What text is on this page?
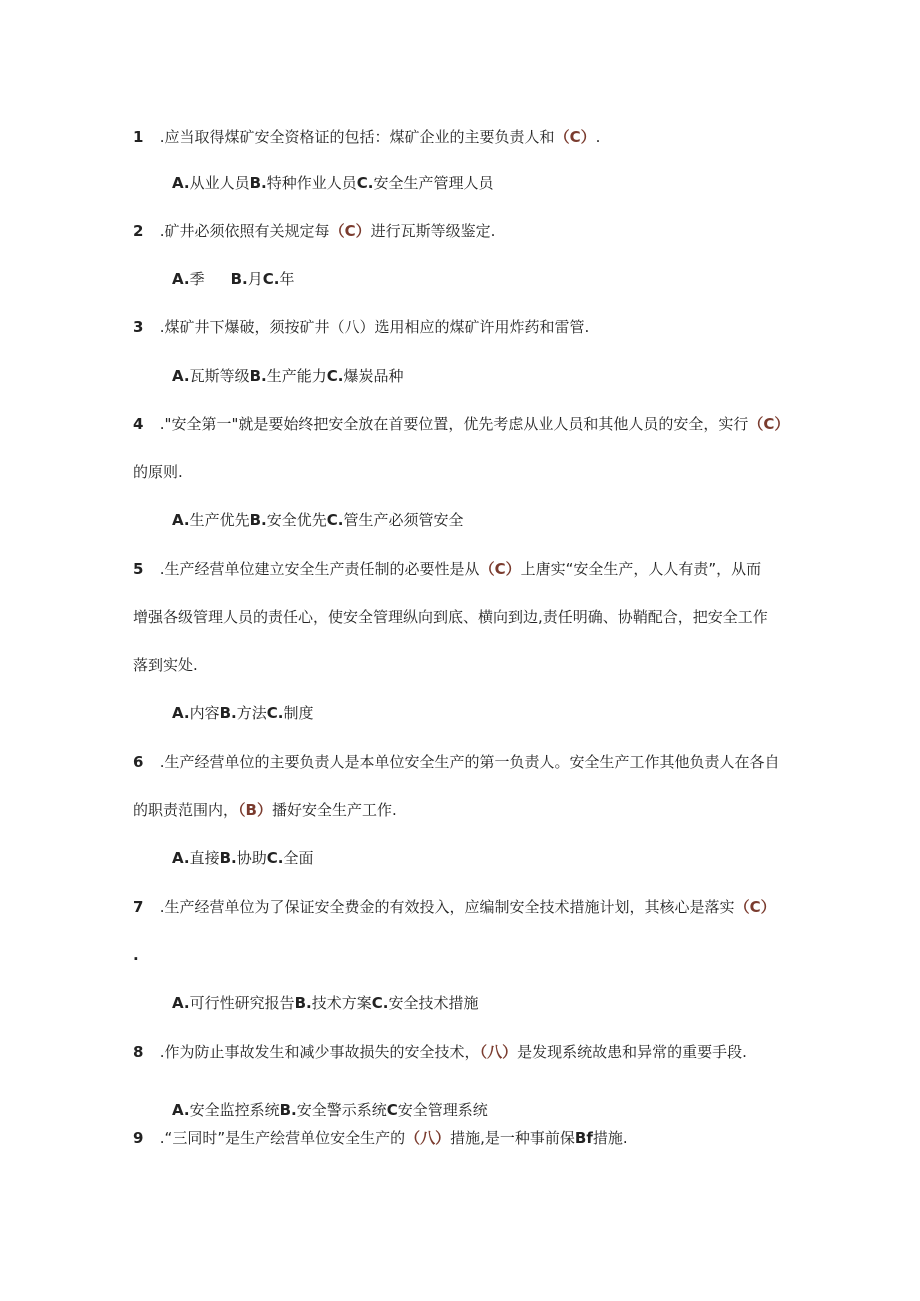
1 .应当取得煤矿安全资格证的包括：煤矿企业的主要负责人和（C）.
A.从业人员B.特种作业人员C.安全生产管理人员
2 .矿井必须依照有关规定每（C）进行瓦斯等级鉴定.
A.季 B.月C.年
3 .煤矿井下爆破，须按矿井（八）选用相应的煤矿许用炸药和雷管.
A.瓦斯等级B.生产能力C.爆炭品种
4 ."安全第一"就是要始终把安全放在首要位置，优先考虑从业人员和其他人员的安全，实行（C）
的原则.
A.生产优先B.安全优先C.管生产必须管安全
5 .生产经营单位建立安全生产责任制的必要性是从（C）上唐实“安全生产，人人有责”，从而
增强各级管理人员的责任心，使安全管理纵向到底、横向到边,责任明确、协鞘配合，把安全工作
落到实处.
A.内容B.方法C.制度
6 .生产经营单位的主要负责人是本单位安全生产的第一负责人。安全生产工作其他负责人在各自
的职责范围内，（B）播好安全生产工作.
A.直接B.协助C.全面
7 .生产经营单位为了保证安全费金的有效投入，应编制安全技术措施计划，其核心是落实（C）
.
A.可行性研究报告B.技术方案C.安全技术措施
8 .作为防止事故发生和减少事故损失的安全技术，（八）是发现系统故患和异常的重要手段.
A.安全监控系统B.安全警示系统C安全管理系统
9 .“三同时”是生产绘营单位安全生产的（八）措施,是一种事前保Bf措施.
